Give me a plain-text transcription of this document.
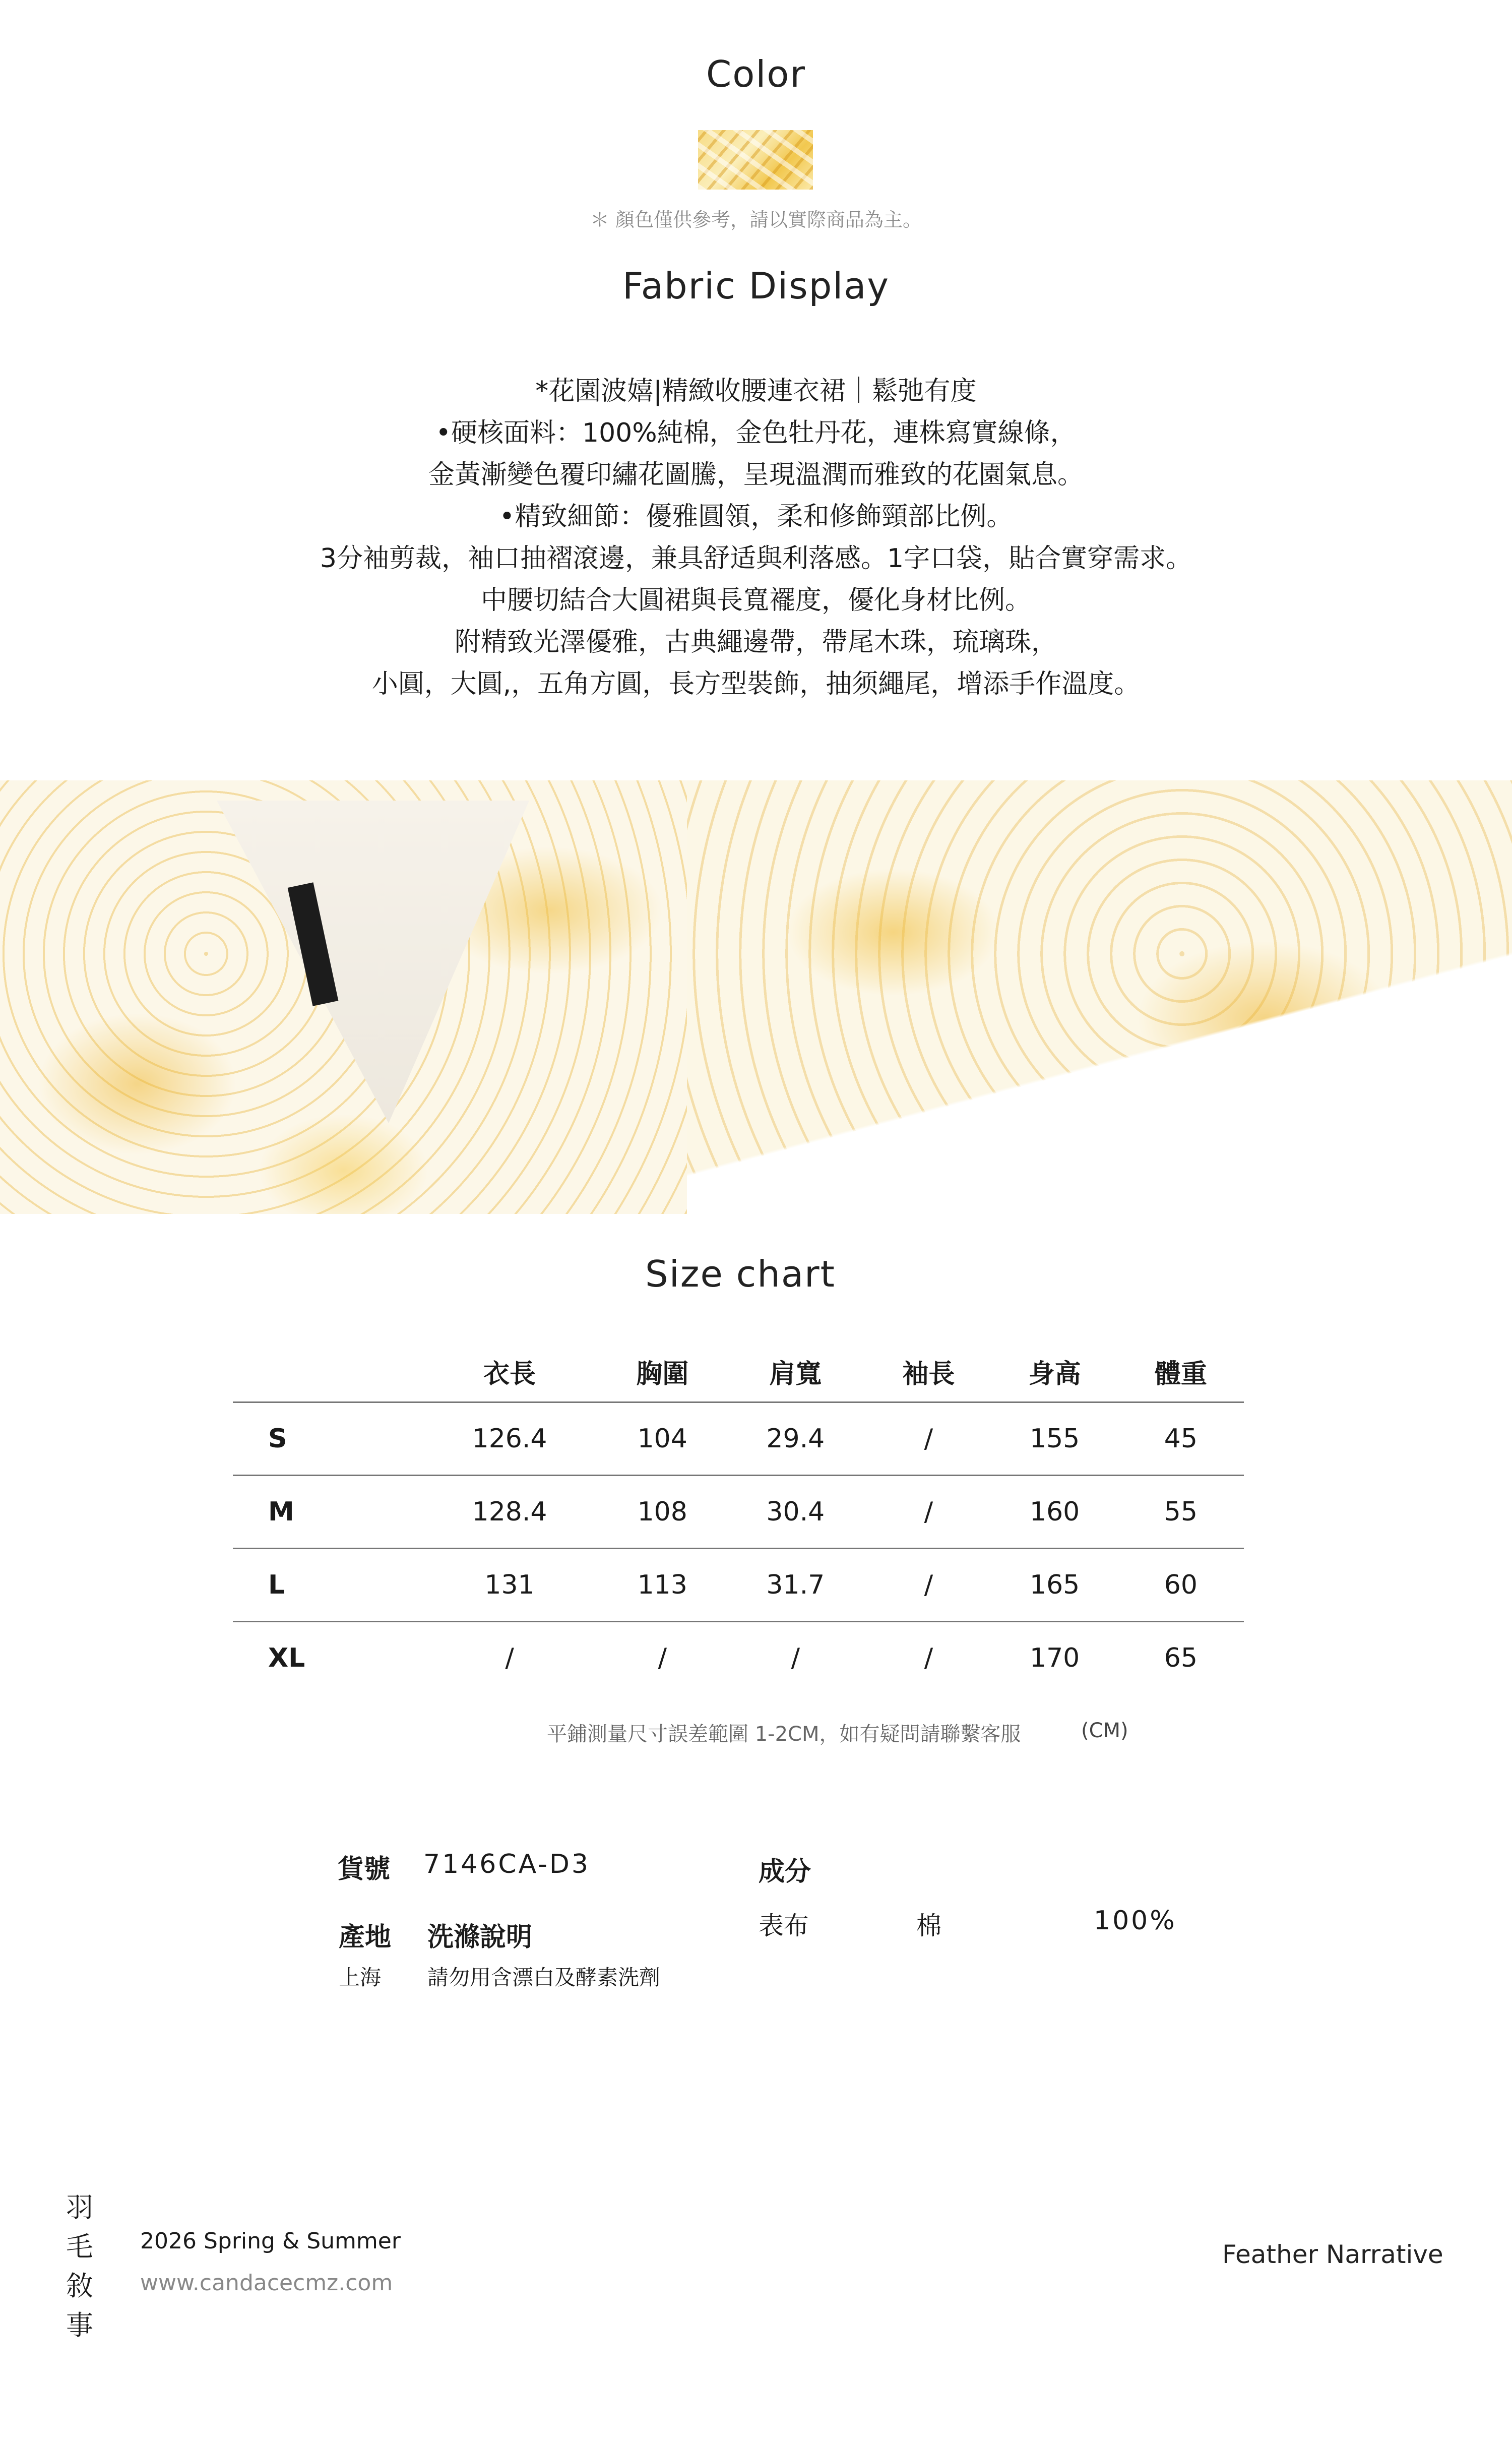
Color
＊ 顏色僅供參考，請以實際商品為主。
Fabric Display
*花園波嬉|精緻收腰連衣裙｜鬆弛有度
•硬核面料：100%純棉，金色牡丹花，連株寫實線條，
金黃漸變色覆印繡花圖騰，呈現溫潤而雅致的花園氣息。
•精致細節：優雅圓領，柔和修飾頸部比例。
3分袖剪裁，袖口抽褶滾邊，兼具舒适與利落感。1字口袋，貼合實穿需求。
中腰切結合大圓裙與長寬襬度，優化身材比例。
附精致光澤優雅，古典繩邊帶，帶尾木珠，琉璃珠，
小圓，大圓,，五角方圓，長方型裝飾，抽须繩尾，增添手作溫度。
Size chart
	衣長	胸圍	肩寬	袖長	身高	體重
S	126.4	104	29.4	/	155	45
M	128.4	108	30.4	/	160	55
L	131	113	31.7	/	165	60
XL	/	/	/	/	170	65
平鋪測量尺寸誤差範圍 1-2CM，如有疑問請聯繫客服	(CM)
貨號 7146CA-D3
產地 洗滌說明
上海 請勿用含漂白及酵素洗劑
成分
表布	棉	100%
羽毛敘事
2026 Spring & Summer
www.candacecmz.com
Feather Narrative
